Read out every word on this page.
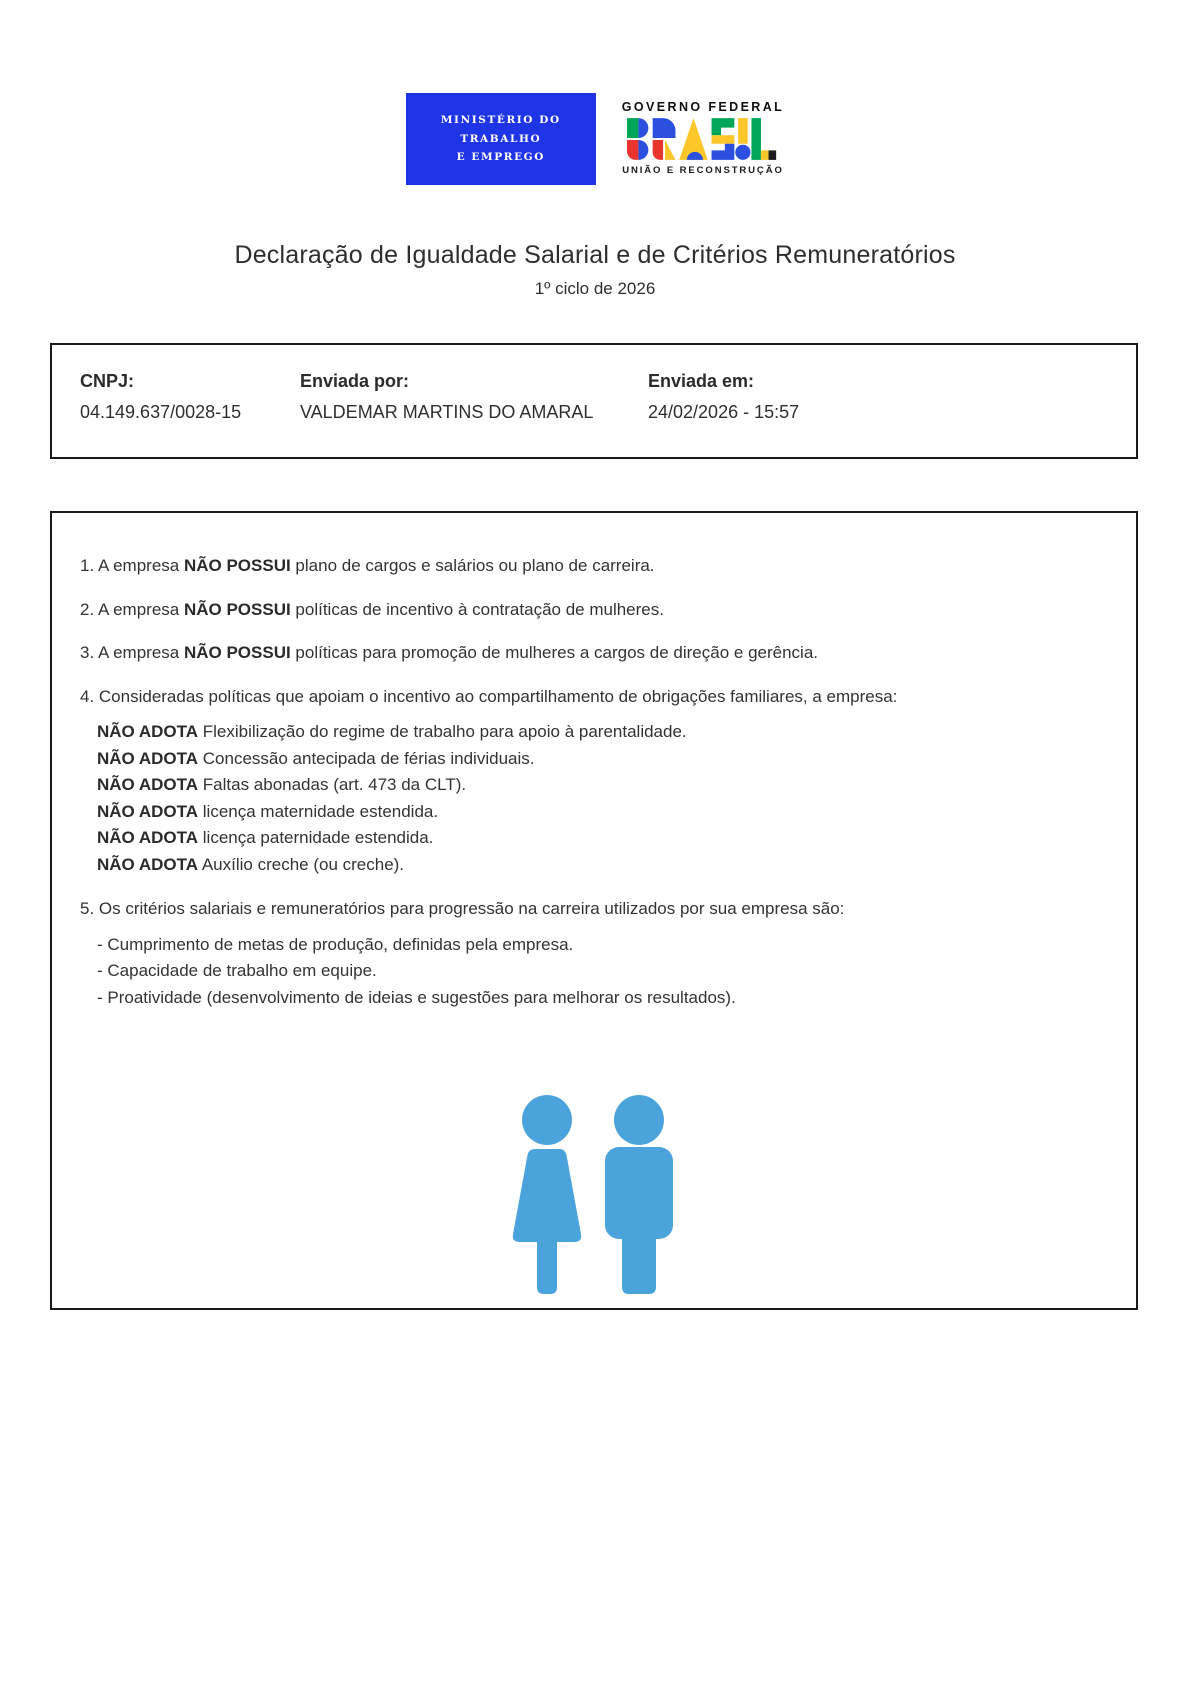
MINISTÉRIO DO
TRABALHO
E EMPREGO
GOVERNO FEDERAL
UNIÃO E RECONSTRUÇÃO
Declaração de Igualdade Salarial e de Critérios Remuneratórios
1º ciclo de 2026
CNPJ:
04.149.637/0028-15
Enviada por:
VALDEMAR MARTINS DO AMARAL
Enviada em:
24/02/2026 - 15:57
1. A empresa NÃO POSSUI plano de cargos e salários ou plano de carreira.
2. A empresa NÃO POSSUI políticas de incentivo à contratação de mulheres.
3. A empresa NÃO POSSUI políticas para promoção de mulheres a cargos de direção e gerência.
4. Consideradas políticas que apoiam o incentivo ao compartilhamento de obrigações familiares, a empresa:
NÃO ADOTA Flexibilização do regime de trabalho para apoio à parentalidade.
NÃO ADOTA Concessão antecipada de férias individuais.
NÃO ADOTA Faltas abonadas (art. 473 da CLT).
NÃO ADOTA licença maternidade estendida.
NÃO ADOTA licença paternidade estendida.
NÃO ADOTA Auxílio creche (ou creche).
5. Os critérios salariais e remuneratórios para progressão na carreira utilizados por sua empresa são:
- Cumprimento de metas de produção, definidas pela empresa.
- Capacidade de trabalho em equipe.
- Proatividade (desenvolvimento de ideias e sugestões para melhorar os resultados).
